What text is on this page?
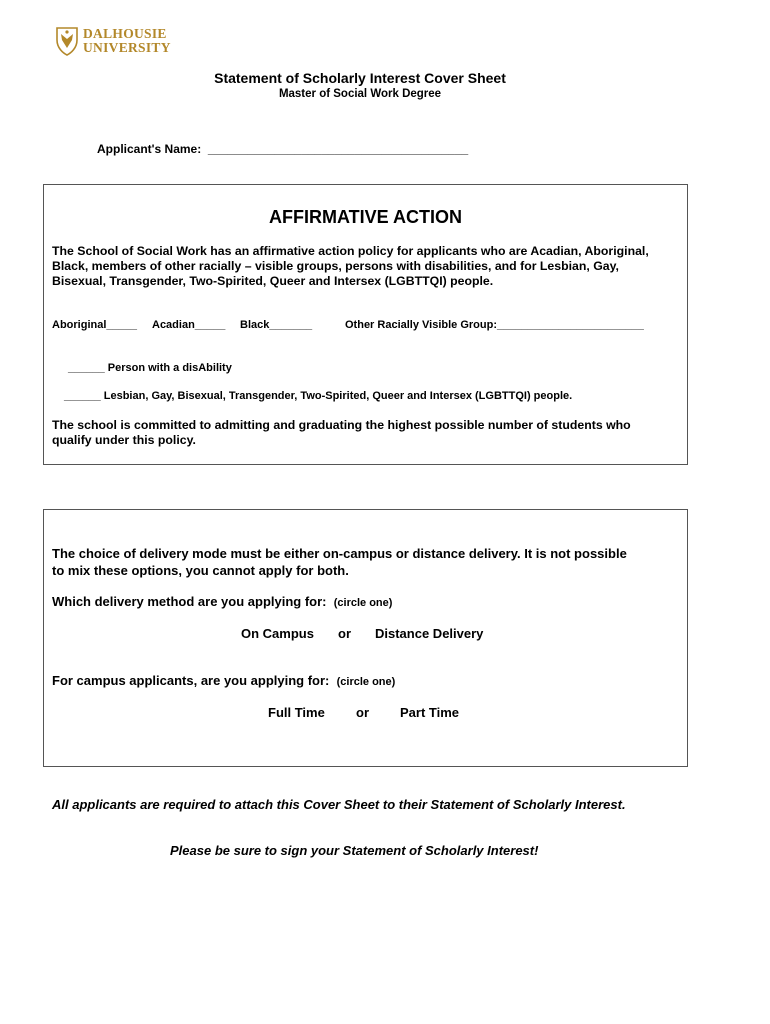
DALHOUSIE
UNIVERSITY
Statement of Scholarly Interest Cover Sheet
Master of Social Work Degree
Applicant's Name: _______________________________________
AFFIRMATIVE ACTION
The School of Social Work has an affirmative action policy for applicants who are Acadian, Aboriginal,
Black, members of other racially – visible groups, persons with disabilities, and for Lesbian, Gay,
Bisexual, Transgender, Two-Spirited, Queer and Intersex (LGBTTQI) people.
Aboriginal_____ Acadian_____ Black_______	Other Racially Visible Group:________________________
______ Person with a disAbility
______ Lesbian, Gay, Bisexual, Transgender, Two-Spirited, Queer and Intersex (LGBTTQI) people.
The school is committed to admitting and graduating the highest possible number of students who
qualify under this policy.
The choice of delivery mode must be either on-campus or distance delivery. It is not possible
to mix these options, you cannot apply for both.
Which delivery method are you applying for: (circle one)
On Campus or Distance Delivery
For campus applicants, are you applying for: (circle one)
Full Time or Part Time
All applicants are required to attach this Cover Sheet to their Statement of Scholarly Interest.
Please be sure to sign your Statement of Scholarly Interest!
